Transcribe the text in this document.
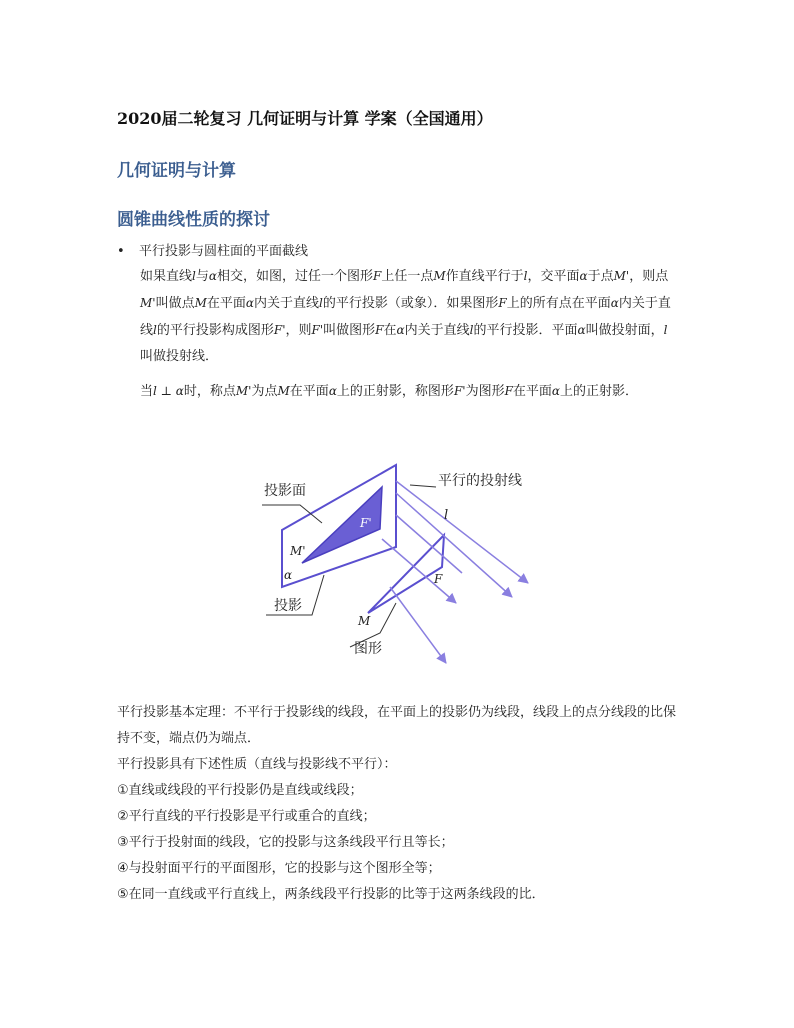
2020届二轮复习 几何证明与计算 学案（全国通用）
几何证明与计算
圆锥曲线性质的探讨
• 平行投影与圆柱面的平面截线
如果直线l与α相交，如图，过任一个图形F上任一点M作直线平行于l，交平面α于点M'，则点M'叫做点M在平面α内关于直线l的平行投影（或象）．如果图形F上的所有点在平面α内关于直线l的平行投影构成图形F'，则F'叫做图形F在α内关于直线l的平行投影．平面α叫做投射面，l叫做投射线．
当l ⊥ α时，称点M'为点M在平面α上的正射影，称图形F'为图形F在平面α上的正射影．
投影面
平行的投射线
投影
图形
l
F'
M'
F
M
α
平行投影基本定理：不平行于投影线的线段，在平面上的投影仍为线段，线段上的点分线段的比保持不变，端点仍为端点．
平行投影具有下述性质（直线与投影线不平行）：
①直线或线段的平行投影仍是直线或线段；
②平行直线的平行投影是平行或重合的直线；
③平行于投射面的线段，它的投影与这条线段平行且等长；
④与投射面平行的平面图形，它的投影与这个图形全等；
⑤在同一直线或平行直线上，两条线段平行投影的比等于这两条线段的比．
